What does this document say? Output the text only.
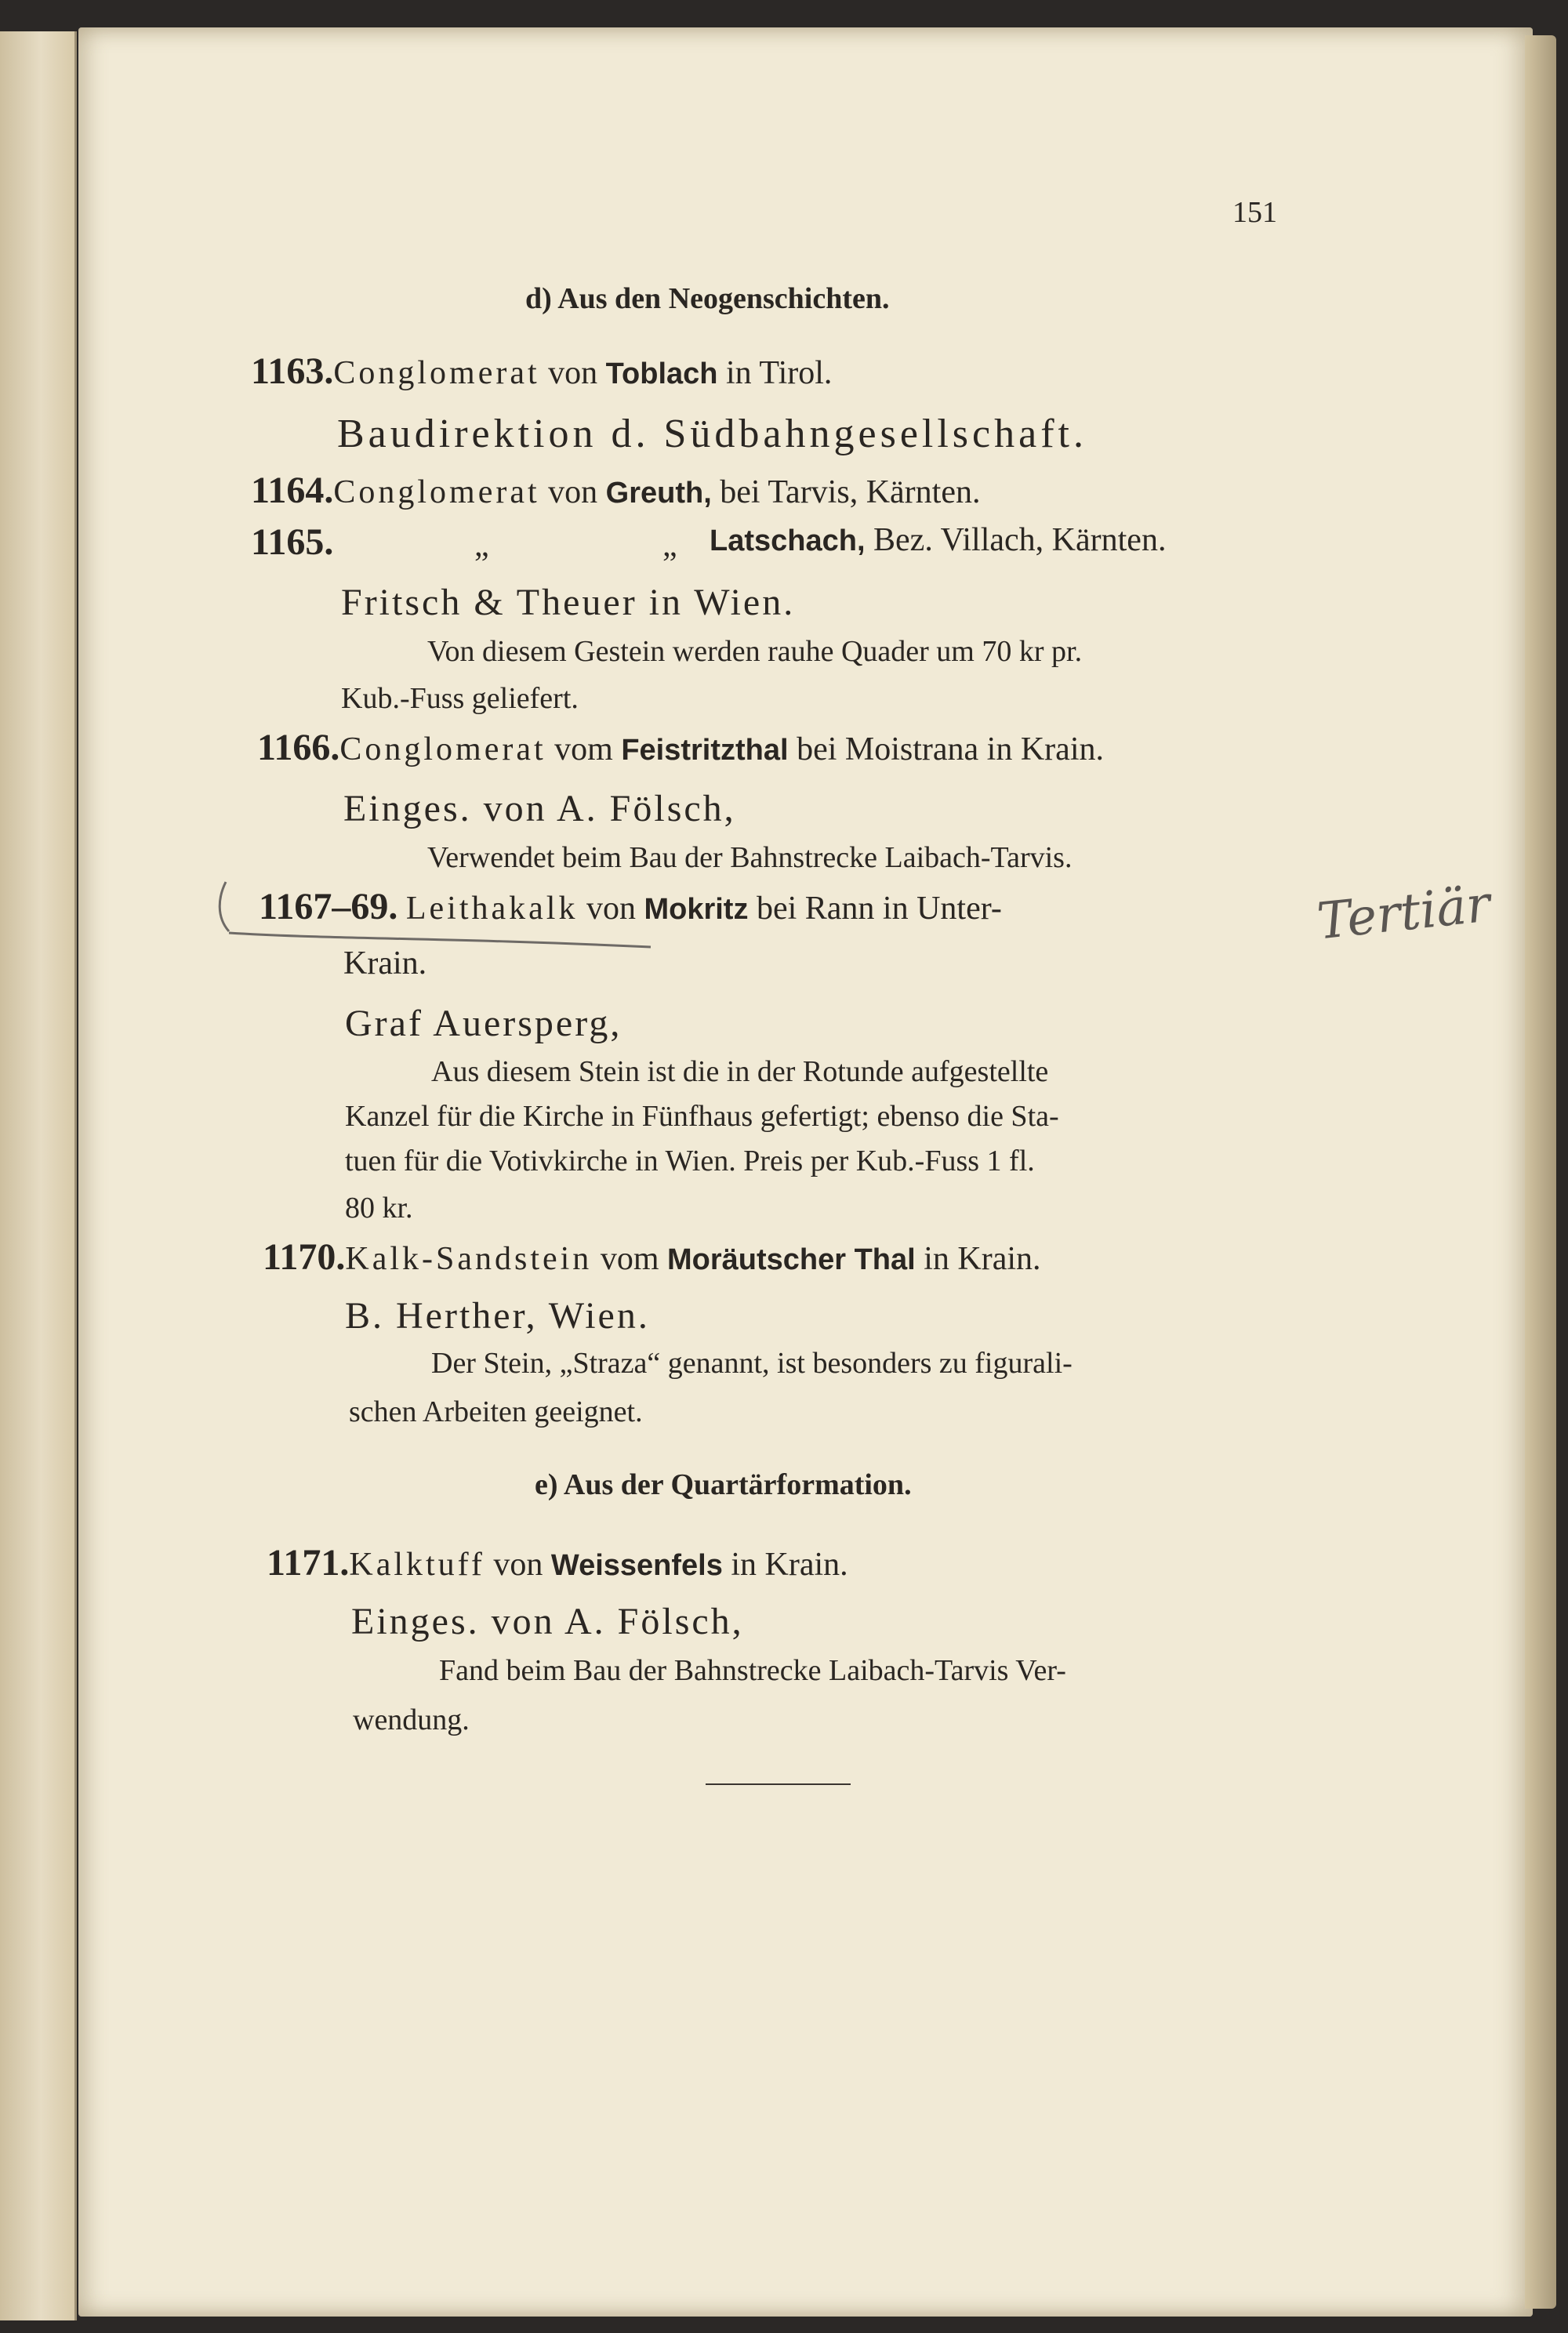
151
d) Aus den Neogenschichten.
1163.Conglomerat von Toblach in Tirol.
Baudirektion d. Südbahngesellschaft.
1164.Conglomerat von Greuth, bei Tarvis, Kärnten.
1165.	„	„ Latschach, Bez. Villach, Kärnten.
Fritsch & Theuer in Wien.
Von diesem Gestein werden rauhe Quader um 70 kr pr.
Kub.-Fuss geliefert.
1166.Conglomerat vom Feistritzthal bei Moistrana in Krain.
Einges. von A. Fölsch,
Verwendet beim Bau der Bahnstrecke Laibach-Tarvis.
1167–69. Leithakalk von Mokritz bei Rann in Unter-
Krain.
Tertiär
Graf Auersperg,
Aus diesem Stein ist die in der Rotunde aufgestellte
Kanzel für die Kirche in Fünfhaus gefertigt; ebenso die Sta-
tuen für die Votivkirche in Wien. Preis per Kub.-Fuss 1 fl.
80 kr.
1170.Kalk-Sandstein vom Moräutscher Thal in Krain.
B. Herther, Wien.
Der Stein, „Straza“ genannt, ist besonders zu figurali-
schen Arbeiten geeignet.
e) Aus der Quartärformation.
1171.Kalktuff von Weissenfels in Krain.
Einges. von A. Fölsch,
Fand beim Bau der Bahnstrecke Laibach-Tarvis Ver-
wendung.
